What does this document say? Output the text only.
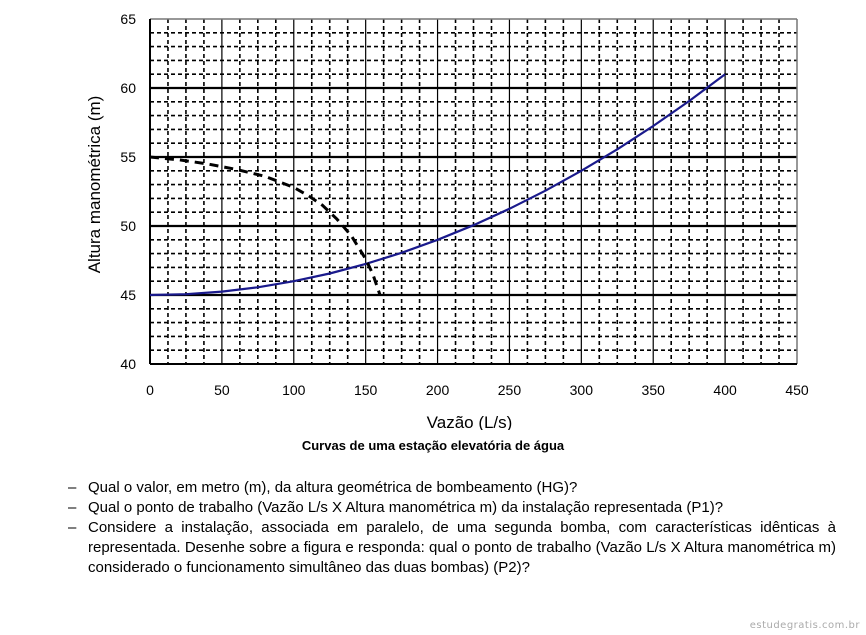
0	50	100	150	200	250	300	350	400	450
40
45
50
55
60
65
Vazão (L/s)
Altura manométrica (m)
Curvas de uma estação elevatória de água
– Qual o valor, em metro (m), da altura geométrica de bombeamento (HG)?
– Qual o ponto de trabalho (Vazão L/s X Altura manométrica m) da instalação representada (P1)?
– Considere a instalação, associada em paralelo, de uma segunda bomba, com características idênticas à representada. Desenhe sobre a figura e responda: qual o ponto de trabalho (Vazão L/s X Altura manométrica m) considerado o funcionamento simultâneo das duas bombas) (P2)?
estudegratis.com.br
